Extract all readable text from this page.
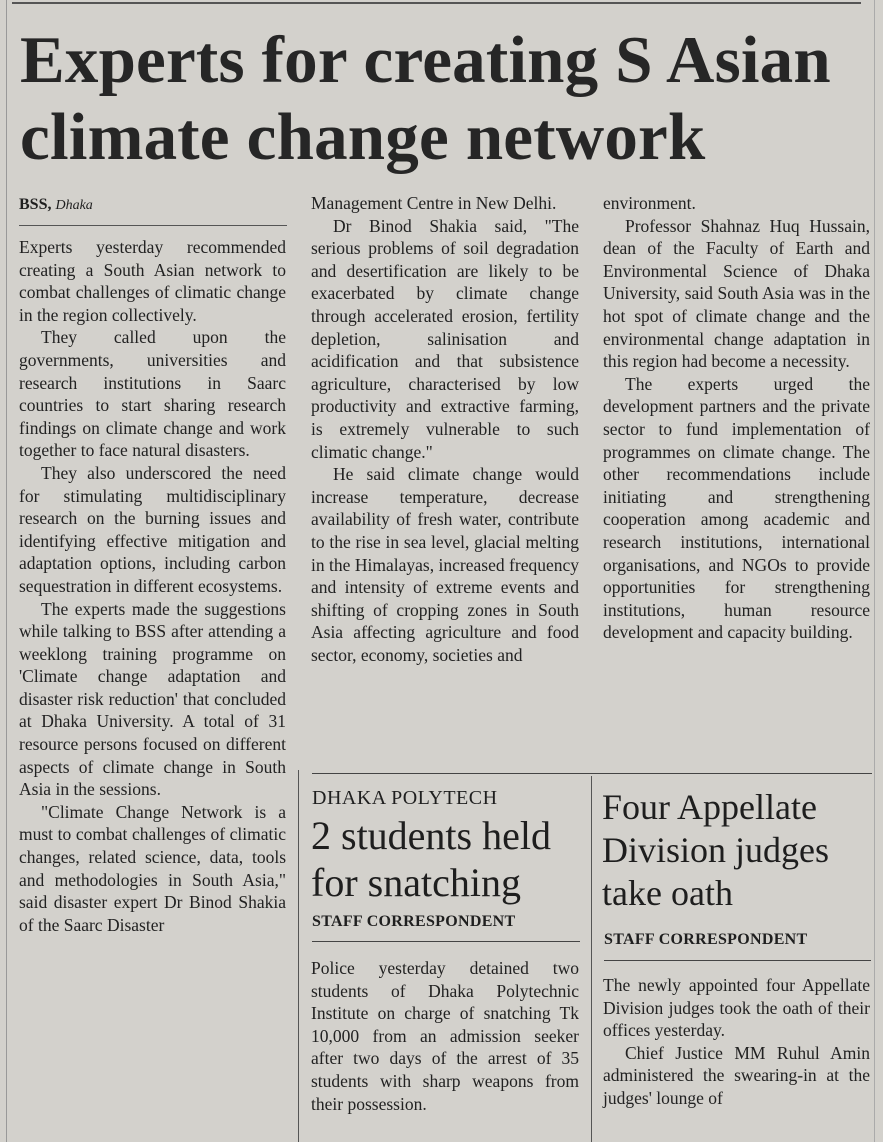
Experts for creating S Asian climate change network
BSS, Dhaka

Experts yesterday recommended creating a South Asian network to combat challenges of climatic change in the region collectively.

They called upon the governments, universities and research institutions in Saarc countries to start sharing research findings on climate change and work together to face natural disasters.

They also underscored the need for stimulating multidisciplinary research on the burning issues and identifying effective mitigation and adaptation options, including carbon sequestration in different ecosystems.

The experts made the suggestions while talking to BSS after attending a weeklong training programme on 'Climate change adaptation and disaster risk reduction' that concluded at Dhaka University. A total of 31 resource persons focused on different aspects of climate change in South Asia in the sessions.

"Climate Change Network is a must to combat challenges of climatic changes, related science, data, tools and methodologies in South Asia," said disaster expert Dr Binod Shakia of the Saarc Disaster

Management Centre in New Delhi.

Dr Binod Shakia said, "The serious problems of soil degradation and desertification are likely to be exacerbated by climate change through accelerated erosion, fertility depletion, salinisation and acidification and that subsistence agriculture, characterised by low productivity and extractive farming, is extremely vulnerable to such climatic change."

He said climate change would increase temperature, decrease availability of fresh water, contribute to the rise in sea level, glacial melting in the Himalayas, increased frequency and intensity of extreme events and shifting of cropping zones in South Asia affecting agriculture and food sector, economy, societies and

environment.

Professor Shahnaz Huq Hussain, dean of the Faculty of Earth and Environmental Science of Dhaka University, said South Asia was in the hot spot of climate change and the environmental change adaptation in this region had become a necessity.

The experts urged the development partners and the private sector to fund implementation of programmes on climate change. The other recommendations include initiating and strengthening cooperation among academic and research institutions, international organisations, and NGOs to provide opportunities for strengthening institutions, human resource development and capacity building.

DHAKA POLYTECH
2 students held for snatching
STAFF CORRESPONDENT

Police yesterday detained two students of Dhaka Polytechnic Institute on charge of snatching Tk 10,000 from an admission seeker after two days of the arrest of 35 students with sharp weapons from their possession.

Four Appellate Division judges take oath
STAFF CORRESPONDENT

The newly appointed four Appellate Division judges took the oath of their offices yesterday.

Chief Justice MM Ruhul Amin administered the swearing-in at the judges' lounge of
